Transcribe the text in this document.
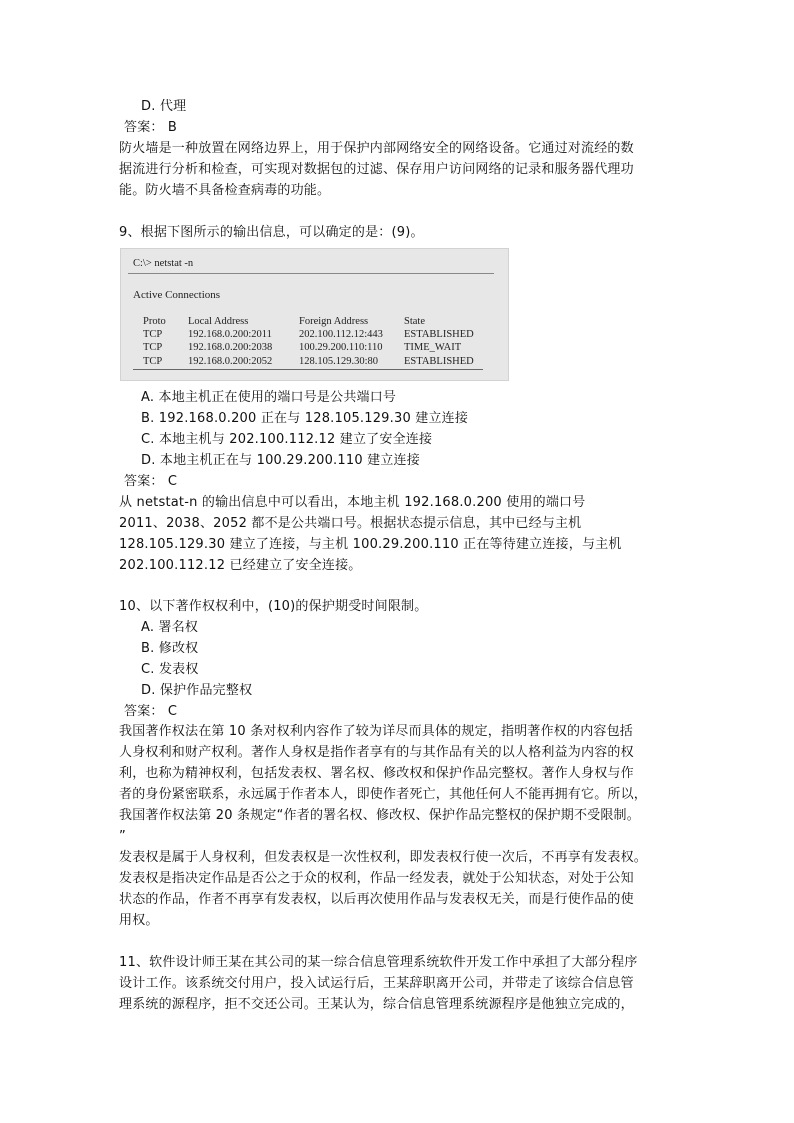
D. 代理
答案： B
防火墙是一种放置在网络边界上，用于保护内部网络安全的网络设备。它通过对流经的数
据流进行分析和检查，可实现对数据包的过滤、保存用户访问网络的记录和服务器代理功
能。防火墙不具备检查病毒的功能。
9、根据下图所示的输出信息，可以确定的是：(9)。
C:\> netstat -n
Active Connections
Proto Local Address	Foreign Address	State
TCP 192.168.0.200:2011	202.100.112.12:443 ESTABLISHED
TCP 192.168.0.200:2038	100.29.200.110:110 TIME_WAIT
TCP 192.168.0.200:2052	128.105.129.30:80 ESTABLISHED
A. 本地主机正在使用的端口号是公共端口号
B. 192.168.0.200 正在与 128.105.129.30 建立连接
C. 本地主机与 202.100.112.12 建立了安全连接
D. 本地主机正在与 100.29.200.110 建立连接
答案： C
从 netstat-n 的输出信息中可以看出，本地主机 192.168.0.200 使用的端口号
2011、2038、2052 都不是公共端口号。根据状态提示信息，其中已经与主机
128.105.129.30 建立了连接，与主机 100.29.200.110 正在等待建立连接，与主机
202.100.112.12 已经建立了安全连接。
10、以下著作权权利中，(10)的保护期受时间限制。
A. 署名权
B. 修改权
C. 发表权
D. 保护作品完整权
答案： C
我国著作权法在第 10 条对权利内容作了较为详尽而具体的规定，指明著作权的内容包括
人身权利和财产权利。著作人身权是指作者享有的与其作品有关的以人格利益为内容的权
利，也称为精神权利，包括发表权、署名权、修改权和保护作品完整权。著作人身权与作
者的身份紧密联系，永远属于作者本人，即使作者死亡，其他任何人不能再拥有它。所以，
我国著作权法第 20 条规定“作者的署名权、修改权、保护作品完整权的保护期不受限制。
”
发表权是属于人身权利，但发表权是一次性权利，即发表权行使一次后，不再享有发表权。
发表权是指决定作品是否公之于众的权利，作品一经发表，就处于公知状态，对处于公知
状态的作品，作者不再享有发表权，以后再次使用作品与发表权无关，而是行使作品的使
用权。
11、软件设计师王某在其公司的某一综合信息管理系统软件开发工作中承担了大部分程序
设计工作。该系统交付用户，投入试运行后，王某辞职离开公司，并带走了该综合信息管
理系统的源程序，拒不交还公司。王某认为，综合信息管理系统源程序是他独立完成的，
